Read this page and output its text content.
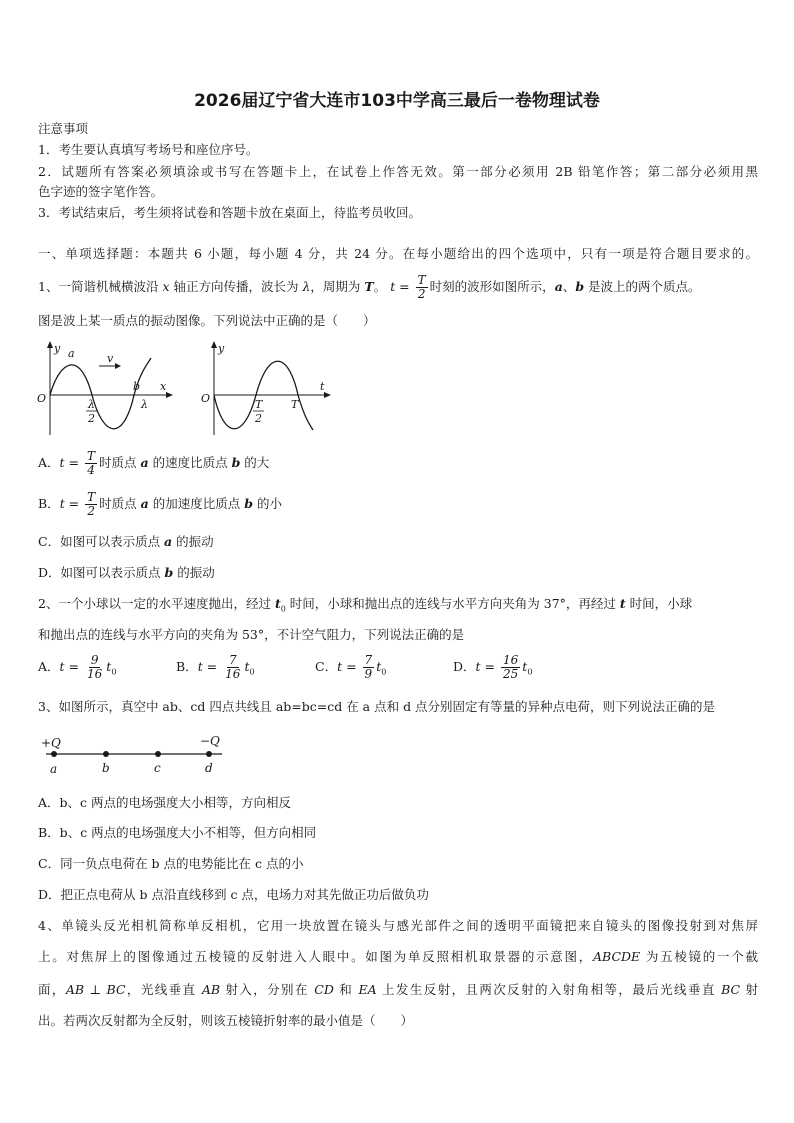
2026届辽宁省大连市103中学高三最后一卷物理试卷
注意事项
1．考生要认真填写考场号和座位序号。
2．试题所有答案必须填涂或书写在答题卡上，在试卷上作答无效。第一部分必须用 2B 铅笔作答；第二部分必须用黑
色字迹的签字笔作答。
3．考试结束后，考生须将试卷和答题卡放在桌面上，待监考员收回。
一、单项选择题：本题共 6 小题，每小题 4 分，共 24 分。在每小题给出的四个选项中，只有一项是符合题目要求的。
1、一简谐机械横波沿 x 轴正方向传播，波长为 λ，周期为 T。 $t = \frac{T}{2}$ 时刻的波形如图所示，a、b 是波上的两个质点。
图是波上某一质点的振动图像。下列说法中正确的是（　　）
y a	v
O
b x
λ
2
λ
y
O
t
T
2
T
A．$t = \frac{T}{4}$ 时质点 a 的速度比质点 b 的大
B．$t = \frac{T}{2}$ 时质点 a 的加速度比质点 b 的小
C．如图可以表示质点 a 的振动
D．如图可以表示质点 b 的振动
2、一个小球以一定的水平速度抛出，经过 $t_0$ 时间，小球和抛出点的连线与水平方向夹角为 37°，再经过 t 时间，小球
和抛出点的连线与水平方向的夹角为 53°，不计空气阻力，下列说法正确的是
A．$t = \frac{9}{16} t_0$	B．$t = \frac{7}{16} t_0$	C．$t = \frac{7}{9} t_0$	D．$t = \frac{16}{25} t_0$
3、如图所示，真空中 ab、cd 四点共线且 ab=bc=cd 在 a 点和 d 点分别固定有等量的异种点电荷，则下列说法正确的是
+Q	−Q
a	b	c	d
A．b、c 两点的电场强度大小相等，方向相反
B．b、c 两点的电场强度大小不相等，但方向相同
C．同一负点电荷在 b 点的电势能比在 c 点的小
D．把正点电荷从 b 点沿直线移到 c 点，电场力对其先做正功后做负功
4、单镜头反光相机简称单反相机，它用一块放置在镜头与感光部件之间的透明平面镜把来自镜头的图像投射到对焦屏
上。对焦屏上的图像通过五棱镜的反射进入人眼中。如图为单反照相机取景器的示意图，ABCDE 为五棱镜的一个截
面，AB ⊥ BC，光线垂直 AB 射入，分别在 CD 和 EA 上发生反射，且两次反射的入射角相等，最后光线垂直 BC 射
出。若两次反射都为全反射，则该五棱镜折射率的最小值是（　　）
